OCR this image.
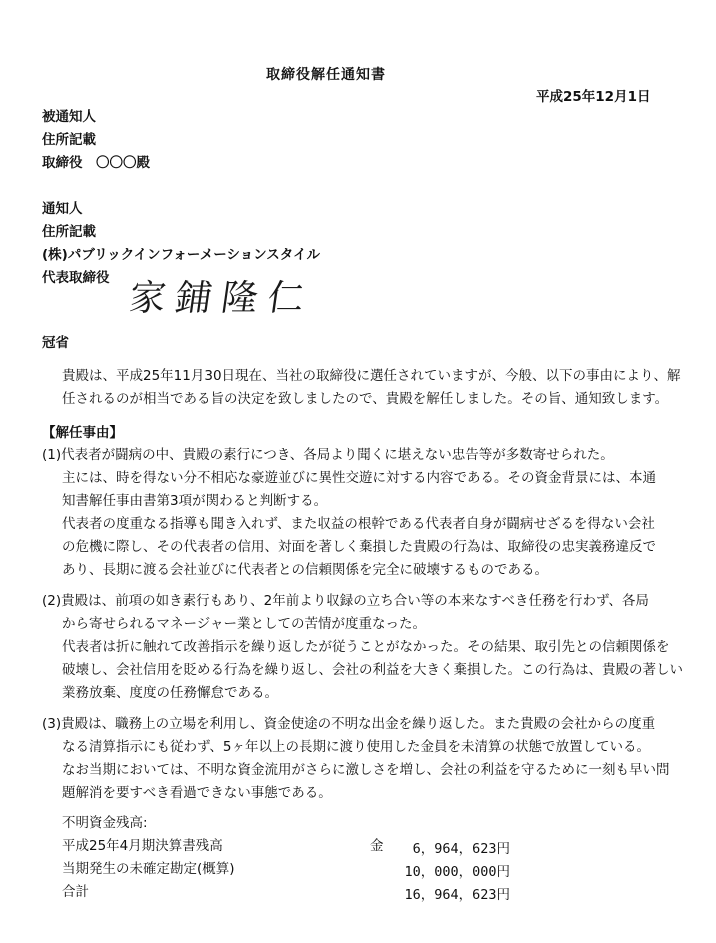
取締役解任通知書
平成25年12月1日
被通知人
住所記載
取締役　〇〇〇殿
通知人
住所記載
(株)パブリックインフォーメーションスタイル
代表取締役 家鋪隆仁
冠省
貴殿は、平成25年11月30日現在、当社の取締役に選任されていますが、今般、以下の事由により、解
任されるのが相当である旨の決定を致しましたので、貴殿を解任しました。その旨、通知致します。
【解任事由】
(1)代表者が闘病の中、貴殿の素行につき、各局より聞くに堪えない忠告等が多数寄せられた。
主には、時を得ない分不相応な豪遊並びに異性交遊に対する内容である。その資金背景には、本通
知書解任事由書第3項が関わると判断する。
代表者の度重なる指導も聞き入れず、また収益の根幹である代表者自身が闘病せざるを得ない会社
の危機に際し、その代表者の信用、対面を著しく棄損した貴殿の行為は、取締役の忠実義務違反で
あり、長期に渡る会社並びに代表者との信頼関係を完全に破壊するものである。
(2)貴殿は、前項の如き素行もあり、2年前より収録の立ち合い等の本来なすべき任務を行わず、各局
から寄せられるマネージャー業としての苦情が度重なった。
代表者は折に触れて改善指示を繰り返したが従うことがなかった。その結果、取引先との信頼関係を
破壊し、会社信用を貶める行為を繰り返し、会社の利益を大きく棄損した。この行為は、貴殿の著しい
業務放棄、度度の任務懈怠である。
(3)貴殿は、職務上の立場を利用し、資金使途の不明な出金を繰り返した。また貴殿の会社からの度重
なる清算指示にも従わず、5ヶ年以上の長期に渡り使用した金員を未清算の状態で放置している。
なお当期においては、不明な資金流用がさらに激しさを増し、会社の利益を守るために一刻も早い問
題解消を要すべき看過できない事態である。
不明資金残高:
平成25年4月期決算書残高	金 6，964，623円
当期発生の未確定勘定(概算)	10，000，000円
合計	16，964，623円
